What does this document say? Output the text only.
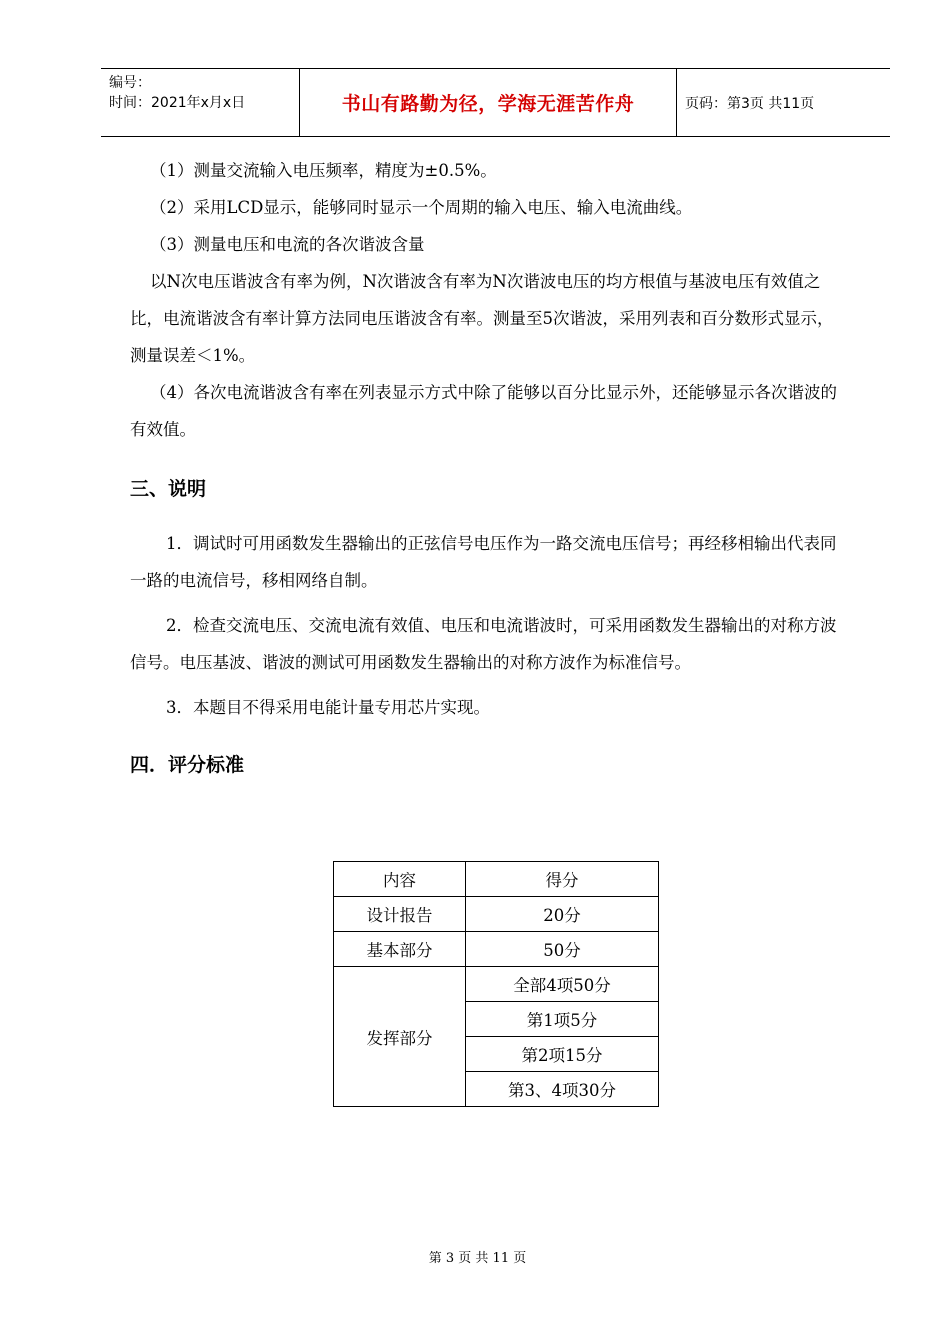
编号：
时间：2021年x月x日	书山有路勤为径，学海无涯苦作舟	页码：第3页 共11页

（1）测量交流输入电压频率，精度为±0.5%。

（2）采用LCD显示，能够同时显示一个周期的输入电压、输入电流曲线。

（3）测量电压和电流的各次谐波含量

以N次电压谐波含有率为例，N次谐波含有率为N次谐波电压的均方根值与基波电压有效值之比，电流谐波含有率计算方法同电压谐波含有率。测量至5次谐波，采用列表和百分数形式显示，测量误差＜1%。

（4）各次电流谐波含有率在列表显示方式中除了能够以百分比显示外，还能够显示各次谐波的有效值。

三、说明

1．调试时可用函数发生器输出的正弦信号电压作为一路交流电压信号；再经移相输出代表同一路的电流信号，移相网络自制。

2．检查交流电压、交流电流有效值、电压和电流谐波时，可采用函数发生器输出的对称方波信号。电压基波、谐波的测试可用函数发生器输出的对称方波作为标准信号。

3．本题目不得采用电能计量专用芯片实现。

四．评分标准

内容	得分
设计报告	20分
基本部分	50分
发挥部分	全部4项50分
	第1项5分
	第2项15分
	第3、4项30分
第 3 页 共 11 页
